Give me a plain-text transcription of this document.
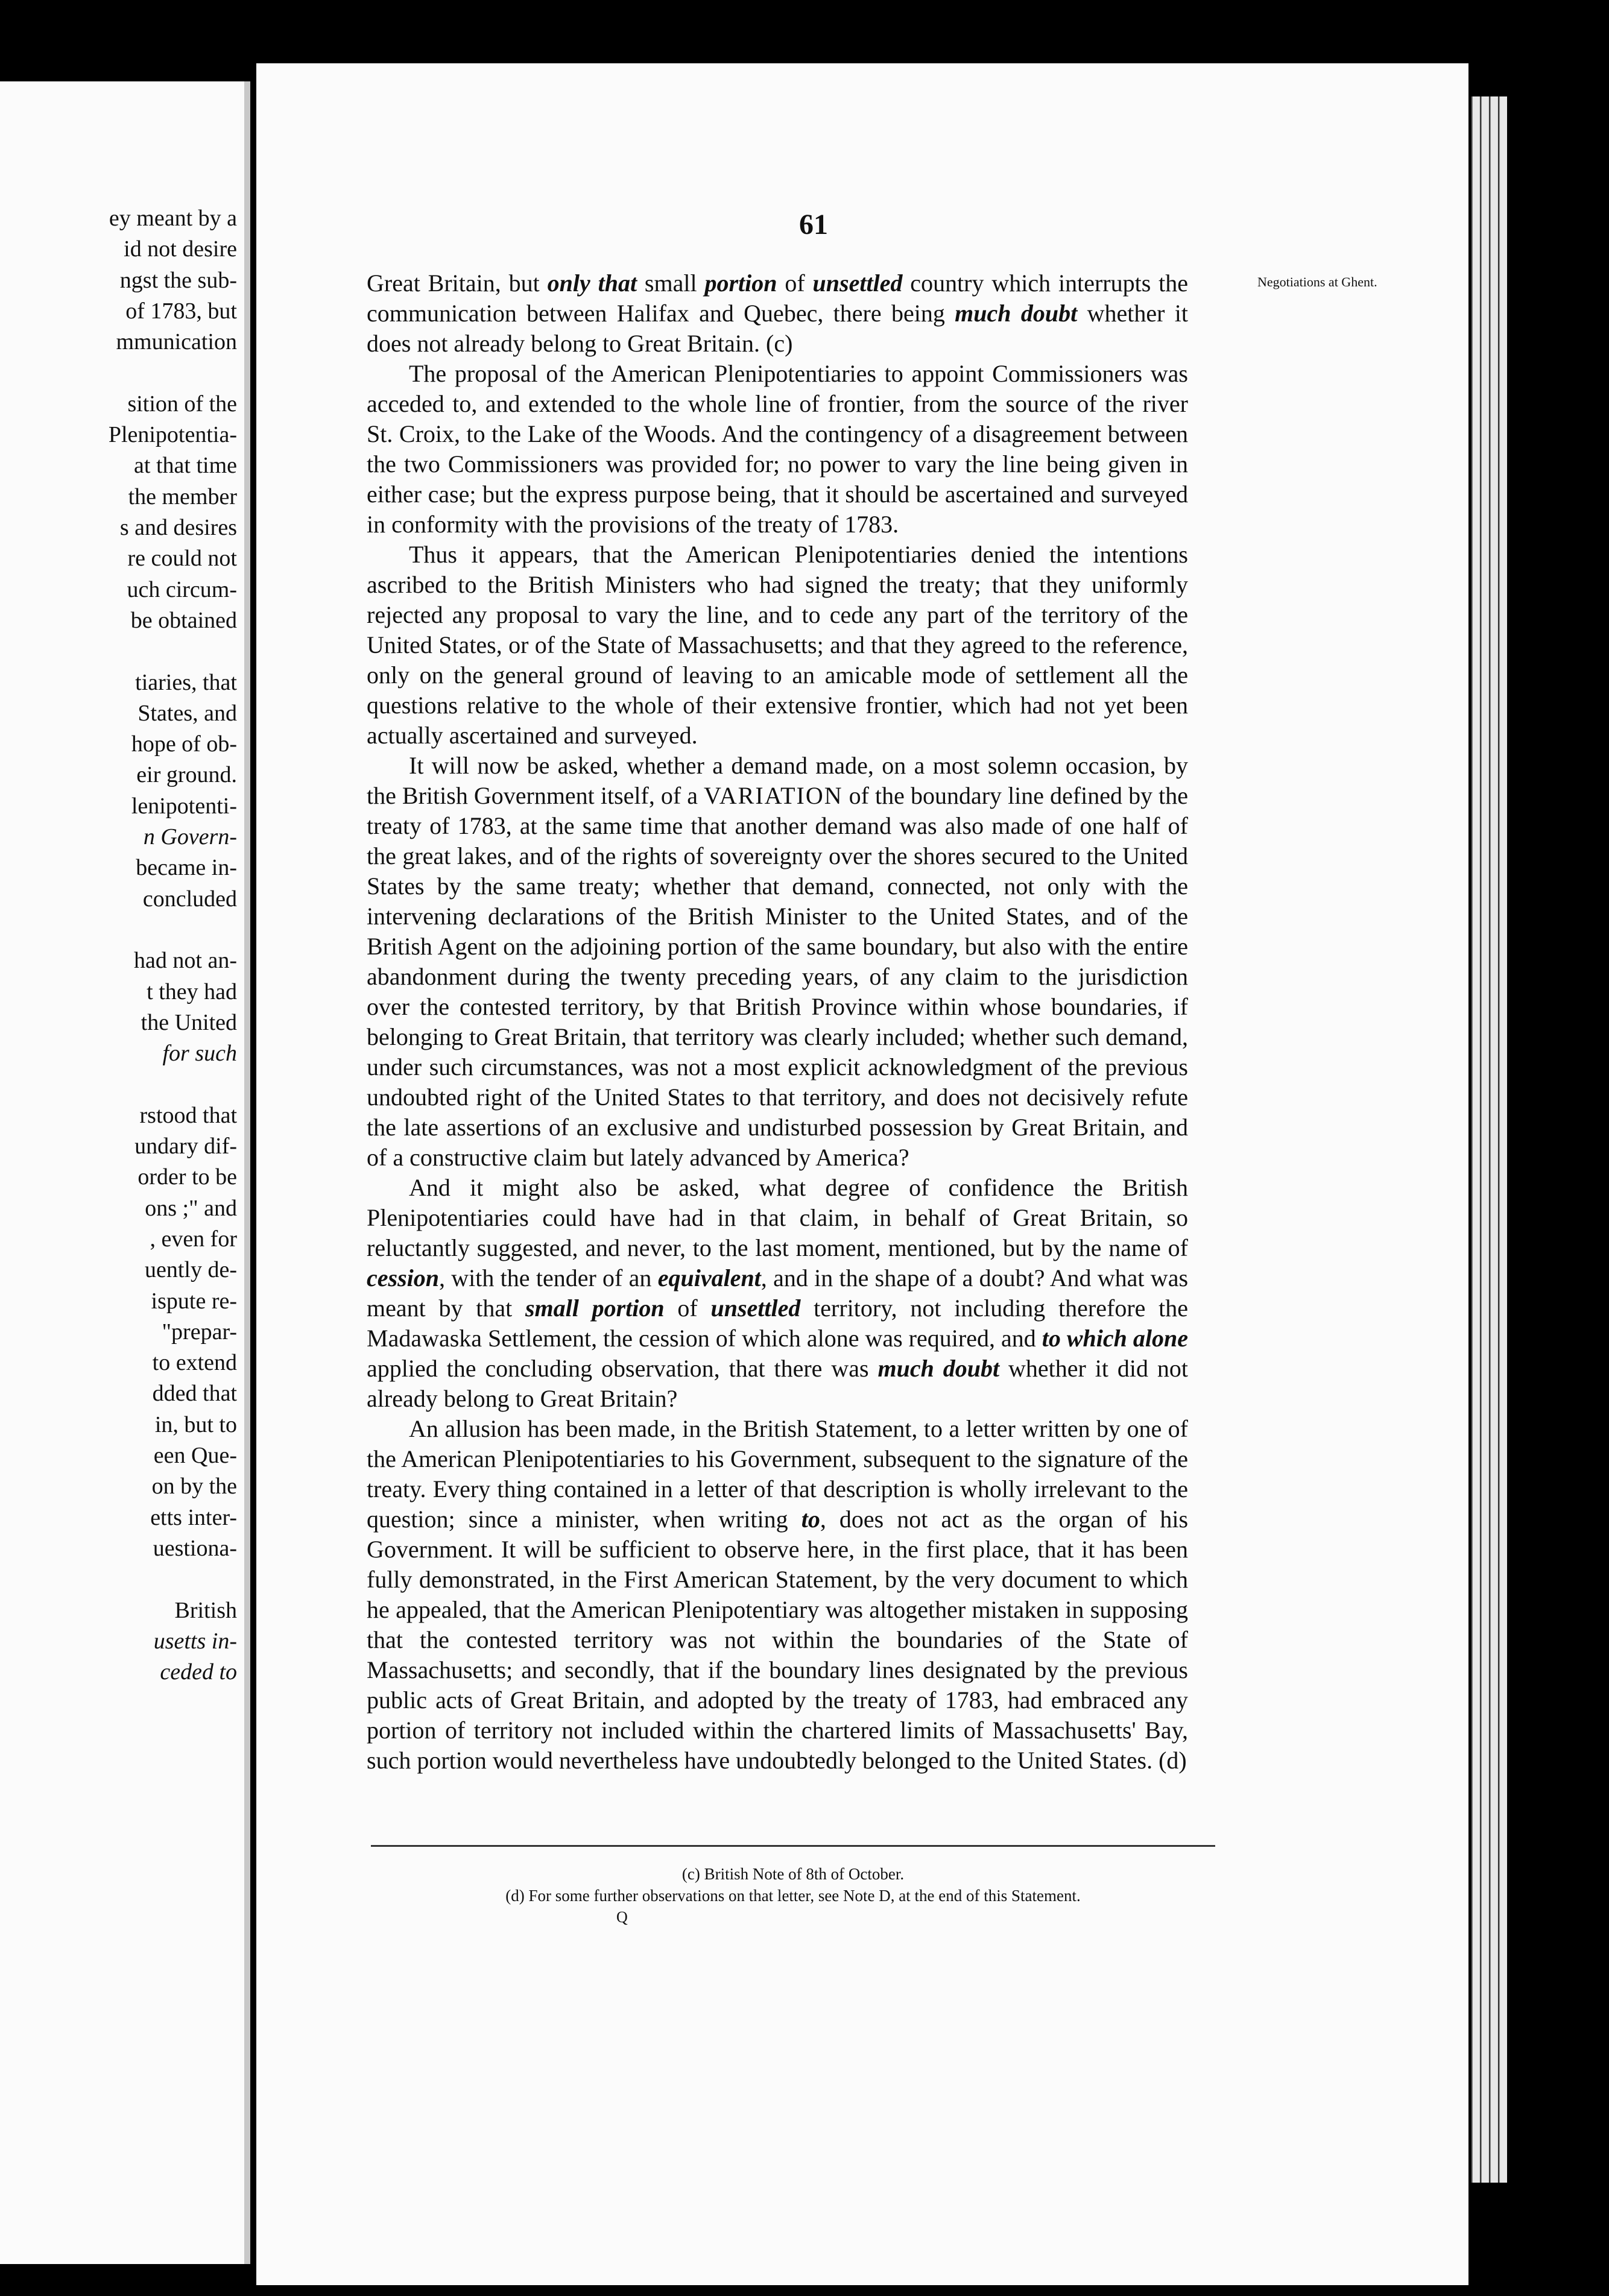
ey meant by a
id not desire
ngst the sub-
of 1783, but
mmunication
sition of the
Plenipotentia-
at that time
the member
s and desires
re could not
uch circum-
be obtained
tiaries, that
States, and
hope of ob-
eir ground.
lenipotenti-
n Govern-
became in-
concluded
had not an-
t they had
the United
for such
rstood that
undary dif-
order to be
ons ;" and
, even for
uently de-
ispute re-
"prepar-
to extend
dded that
in, but to
een Que-
on by the
etts inter-
uestiona-
British
usetts in-
ceded to
61
Negotiations at Ghent.

Great Britain, but only that small portion of unsettled country which interrupts the communication between Halifax and Quebec, there being much doubt whether it does not already belong to Great Britain. (c)

The proposal of the American Plenipotentiaries to appoint Commissioners was acceded to, and extended to the whole line of frontier, from the source of the river St. Croix, to the Lake of the Woods. And the contingency of a disagreement between the two Commissioners was provided for; no power to vary the line being given in either case; but the express purpose being, that it should be ascertained and surveyed in conformity with the provisions of the treaty of 1783.

Thus it appears, that the American Plenipotentiaries denied the intentions ascribed to the British Ministers who had signed the treaty; that they uniformly rejected any proposal to vary the line, and to cede any part of the territory of the United States, or of the State of Massachusetts; and that they agreed to the reference, only on the general ground of leaving to an amicable mode of settlement all the questions relative to the whole of their extensive frontier, which had not yet been actually ascertained and surveyed.

It will now be asked, whether a demand made, on a most solemn occasion, by the British Government itself, of a VARIATION of the boundary line defined by the treaty of 1783, at the same time that another demand was also made of one half of the great lakes, and of the rights of sovereignty over the shores secured to the United States by the same treaty; whether that demand, connected, not only with the intervening declarations of the British Minister to the United States, and of the British Agent on the adjoining portion of the same boundary, but also with the entire abandonment during the twenty preceding years, of any claim to the jurisdiction over the contested territory, by that British Province within whose boundaries, if belonging to Great Britain, that territory was clearly included; whether such demand, under such circumstances, was not a most explicit acknowledgment of the previous undoubted right of the United States to that territory, and does not decisively refute the late assertions of an exclusive and undisturbed possession by Great Britain, and of a constructive claim but lately advanced by America?

And it might also be asked, what degree of confidence the British Plenipotentiaries could have had in that claim, in behalf of Great Britain, so reluctantly suggested, and never, to the last moment, mentioned, but by the name of cession, with the tender of an equivalent, and in the shape of a doubt? And what was meant by that small portion of unsettled territory, not including therefore the Madawaska Settlement, the cession of which alone was required, and to which alone applied the concluding observation, that there was much doubt whether it did not already belong to Great Britain?

An allusion has been made, in the British Statement, to a letter written by one of the American Plenipotentiaries to his Government, subsequent to the signature of the treaty. Every thing contained in a letter of that description is wholly irrelevant to the question; since a minister, when writing to, does not act as the organ of his Government. It will be sufficient to observe here, in the first place, that it has been fully demonstrated, in the First American Statement, by the very document to which he appealed, that the American Plenipotentiary was altogether mistaken in supposing that the contested territory was not within the boundaries of the State of Massachusetts; and secondly, that if the boundary lines designated by the previous public acts of Great Britain, and adopted by the treaty of 1783, had embraced any portion of territory not included within the chartered limits of Massachusetts' Bay, such portion would nevertheless have undoubtedly belonged to the United States. (d)

(c) British Note of 8th of October.
(d) For some further observations on that letter, see Note D, at the end of this Statement.
Q
